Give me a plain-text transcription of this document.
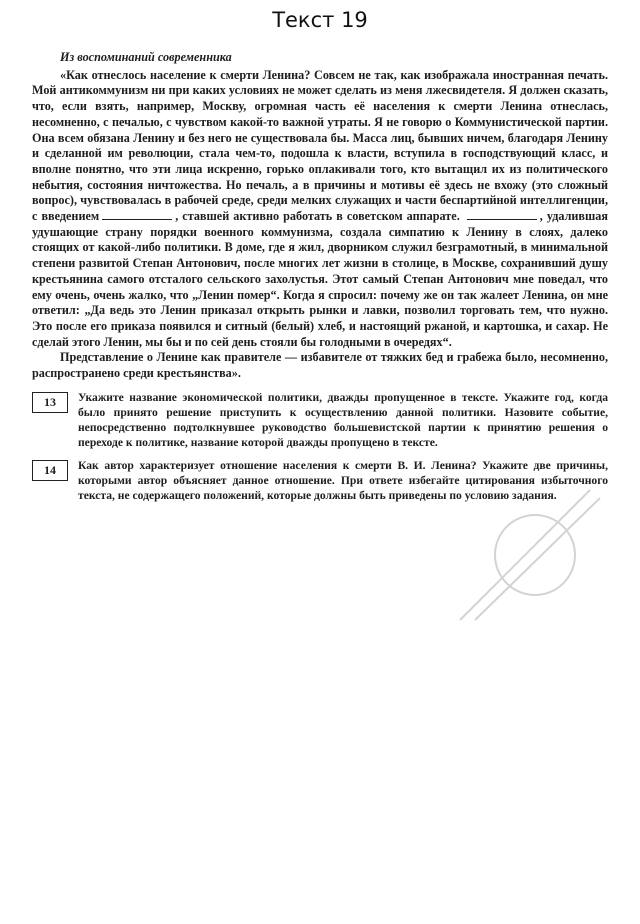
Текст 19
Из воспоминаний современника

«Как отнеслось население к смерти Ленина? Совсем не так, как изображала иностранная печать. Мой антикоммунизм ни при каких условиях не может сделать из меня лжесвидетеля. Я должен сказать, что, если взять, например, Москву, огромная часть её населения к смерти Ленина отнеслась, несомненно, с печалью, с чувством какой-то важной утраты. Я не говорю о Коммунистической партии. Она всем обязана Ленину и без него не существовала бы. Масса лиц, бывших ничем, благодаря Ленину и сделанной им революции, стала чем-то, подошла к власти, вступила в господствующий класс, и вполне понятно, что эти лица искренно, горько оплакивали того, кто вытащил их из политического небытия, состояния ничтожества. Но печаль, а в причины и мотивы её здесь не вхожу (это сложный вопрос), чувствовалась в рабочей среде, среди мелких служащих и части беспартийной интеллигенции, с введением	, ставшей активно работать в советском аппарате.	, удалившая удушающие страну порядки военного коммунизма, создала симпатию к Ленину в слоях, далеко стоящих от какой-либо политики. В доме, где я жил, дворником служил безграмотный, в минимальной степени развитой Степан Антонович, после многих лет жизни в столице, в Москве, сохранивший душу крестьянина самого отсталого сельского захолустья. Этот самый Степан Антонович мне поведал, что ему очень, очень жалко, что „Ленин помер“. Когда я спросил: почему же он так жалеет Ленина, он мне ответил: „Да ведь это Ленин приказал открыть рынки и лавки, позволил торговать тем, что нужно. Это после его приказа появился и ситный (белый) хлеб, и настоящий ржаной, и картошка, и сахар. Не сделай этого Ленин, мы бы и по сей день стояли бы голодными в очередях“.

Представление о Ленине как правителе — избавителе от тяжких бед и грабежа было, несомненно, распространено среди крестьянства».

13	Укажите название экономической политики, дважды пропущенное в тексте. Укажите год, когда было принято решение приступить к осуществлению данной политики. Назовите событие, непосредственно подтолкнувшее руководство большевистской партии к принятию решения о переходе к политике, название которой дважды пропущено в тексте.
14	Как автор характеризует отношение населения к смерти В. И. Ленина? Укажите две причины, которыми автор объясняет данное отношение. При ответе избегайте цитирования избыточного текста, не содержащего положений, которые должны быть приведены по условию задания.
